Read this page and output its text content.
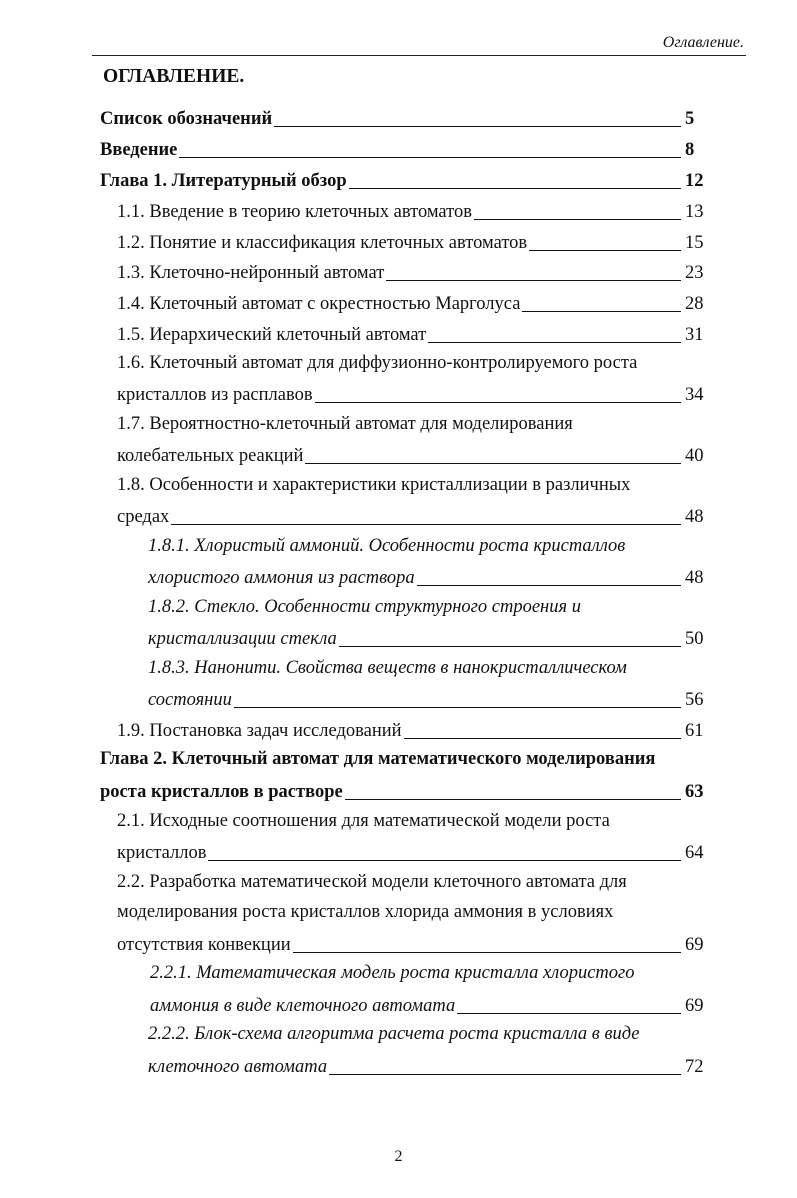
Оглавление.
ОГЛАВЛЕНИЕ.
Список обозначений	5
Введение	8
Глава 1. Литературный обзор	12
1.1. Введение в теорию клеточных автоматов	13
1.2. Понятие и классификация клеточных автоматов	15
1.3. Клеточно-нейронный автомат	23
1.4. Клеточный автомат с окрестностью Марголуса	28
1.5. Иерархический клеточный автомат	31
1.6. Клеточный автомат для диффузионно-контролируемого роста
кристаллов из расплавов	34
1.7. Вероятностно-клеточный автомат для моделирования
колебательных реакций	40
1.8. Особенности и характеристики кристаллизации в различных
средах	48
1.8.1. Хлористый аммоний. Особенности роста кристаллов
хлористого аммония из раствора	48
1.8.2. Стекло. Особенности структурного строения и
кристаллизации стекла	50
1.8.3. Нанонити. Свойства веществ в нанокристаллическом
состоянии	56
1.9. Постановка задач исследований	61
Глава 2. Клеточный автомат для математического моделирования
роста кристаллов в растворе	63
2.1. Исходные соотношения для математической модели роста
кристаллов	64
2.2. Разработка математической модели клеточного автомата для
моделирования роста кристаллов хлорида аммония в условиях
отсутствия конвекции	69
2.2.1. Математическая модель роста кристалла хлористого
аммония в виде клеточного автомата	69
2.2.2. Блок-схема алгоритма расчета роста кристалла в виде
клеточного автомата	72
2
